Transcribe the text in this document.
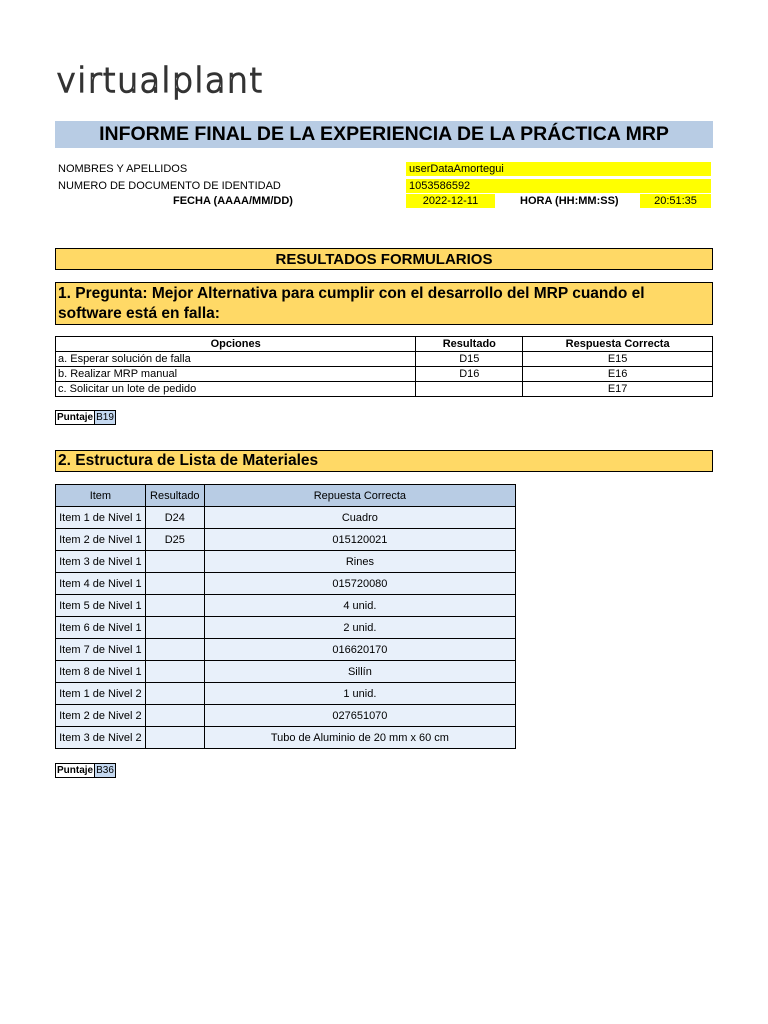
virtualplant
INFORME FINAL DE LA EXPERIENCIA DE LA PRÁCTICA MRP
NOMBRES Y APELLIDOS	userDataAmortegui
NUMERO DE DOCUMENTO DE IDENTIDAD	1053586592
FECHA (AAAA/MM/DD)	2022-12-11	HORA (HH:MM:SS)	20:51:35
RESULTADOS FORMULARIOS
1. Pregunta: Mejor Alternativa para cumplir con el desarrollo del MRP cuando el software está en falla:
Opciones	Resultado	Respuesta Correcta
a. Esperar solución de falla	D15	E15
b. Realizar MRP manual	D16	E16
c. Solicitar un lote de pedido		E17
Puntaje B19
2. Estructura de Lista de Materiales
Item	Resultado	Repuesta Correcta
Item 1 de Nivel 1	D24	Cuadro
Item 2 de Nivel 1	D25	015120021
Item 3 de Nivel 1		Rines
Item 4 de Nivel 1		015720080
Item 5 de Nivel 1		4 unid.
Item 6 de Nivel 1		2 unid.
Item 7 de Nivel 1		016620170
Item 8 de Nivel 1		Sillín
Item 1 de Nivel 2		1 unid.
Item 2 de Nivel 2		027651070
Item 3 de Nivel 2		Tubo de Aluminio de 20 mm x 60 cm
Puntaje B36
